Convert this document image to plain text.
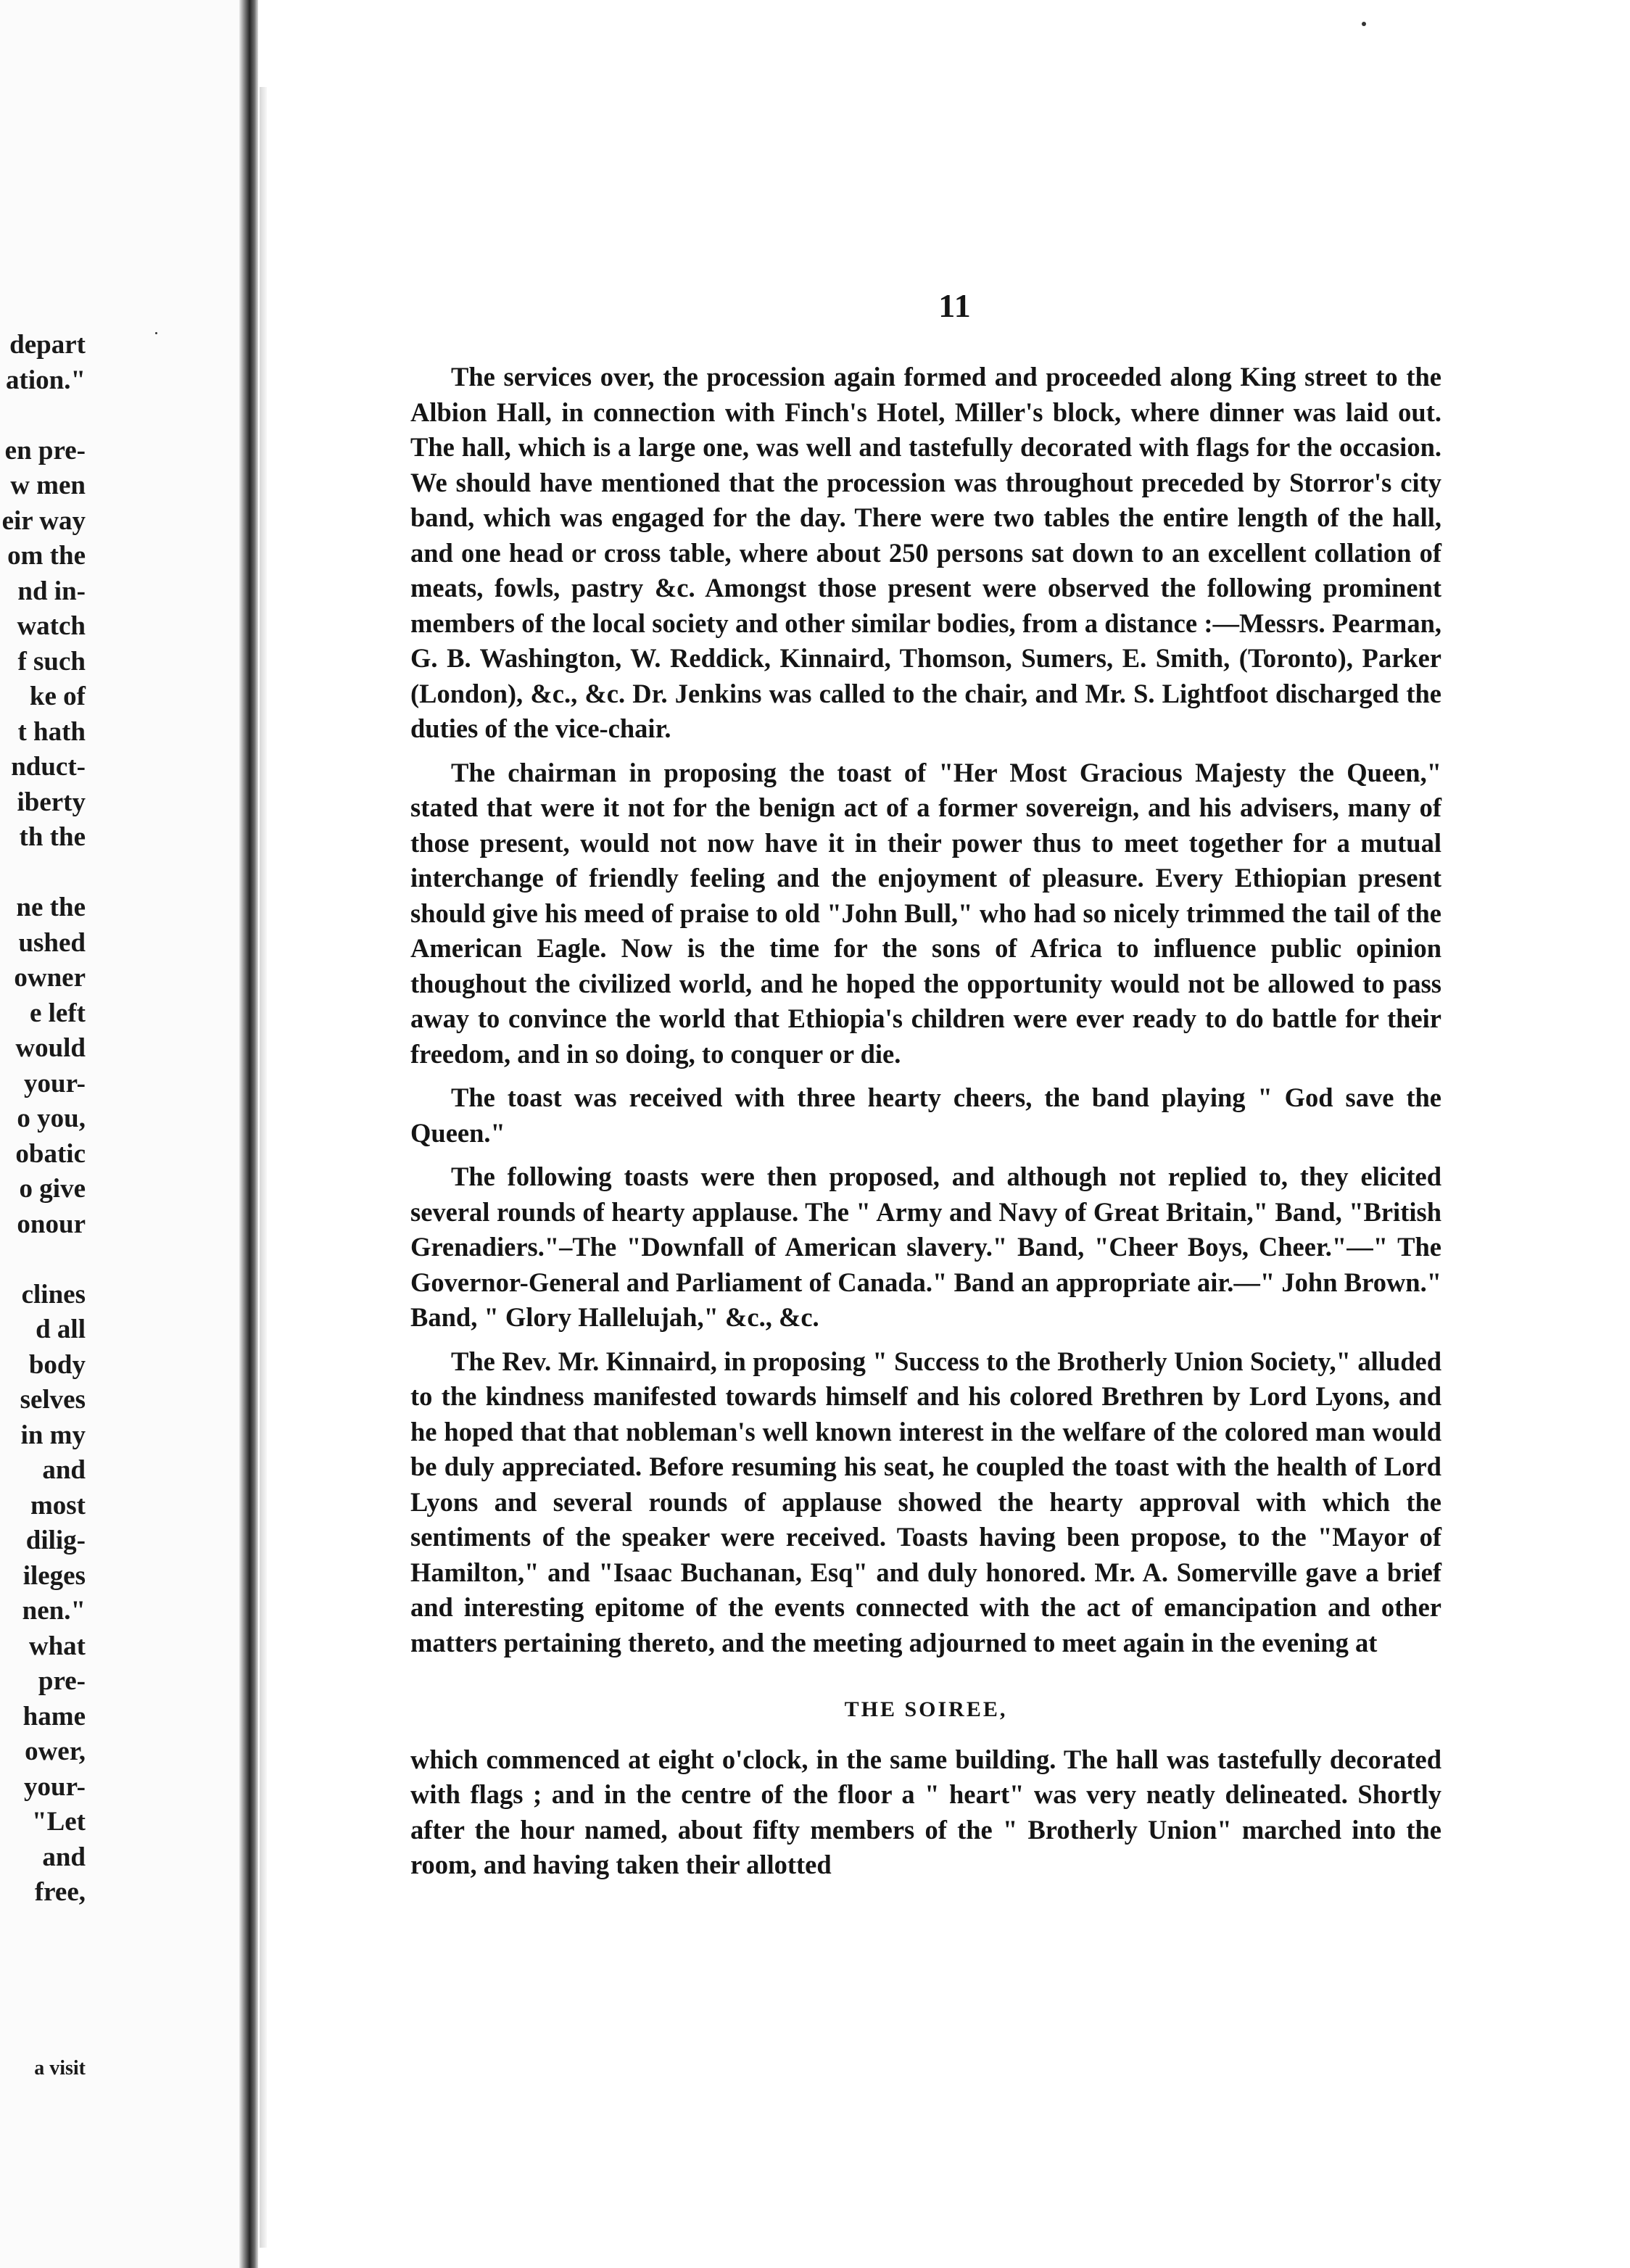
depart
ation."
en pre-
w men
eir way
om the
nd in-
watch
f such
ke of
t hath
nduct-
iberty
th the
ne the
ushed
owner
e left
would
your-
o you,
obatic
o give
onour
clines
d all
body
selves
in my
and
most
dilig-
ileges
nen."
what
pre-
hame
ower,
your-
"Let
and
free,
a visit
11

The services over, the procession again formed and proceeded along King street to the Albion Hall, in connection with Finch's Hotel, Miller's block, where dinner was laid out. The hall, which is a large one, was well and tastefully decorated with flags for the occasion. We should have mentioned that the procession was throughout preceded by Storror's city band, which was engaged for the day. There were two tables the entire length of the hall, and one head or cross table, where about 250 persons sat down to an excellent collation of meats, fowls, pastry &c. Amongst those present were observed the following prominent members of the local society and other similar bodies, from a distance :—Messrs. Pearman, G. B. Washington, W. Reddick, Kinnaird, Thomson, Sumers, E. Smith, (Toronto), Parker (London), &c., &c. Dr. Jenkins was called to the chair, and Mr. S. Lightfoot discharged the duties of the vice-chair.

The chairman in proposing the toast of "Her Most Gracious Majesty the Queen," stated that were it not for the benign act of a former sovereign, and his advisers, many of those present, would not now have it in their power thus to meet together for a mutual interchange of friendly feeling and the enjoyment of pleasure. Every Ethiopian present should give his meed of praise to old "John Bull," who had so nicely trimmed the tail of the American Eagle. Now is the time for the sons of Africa to influence public opinion thoughout the civilized world, and he hoped the opportunity would not be allowed to pass away to convince the world that Ethiopia's children were ever ready to do battle for their freedom, and in so doing, to conquer or die.

The toast was received with three hearty cheers, the band playing " God save the Queen."

The following toasts were then proposed, and although not replied to, they elicited several rounds of hearty applause. The " Army and Navy of Great Britain," Band, "British Grenadiers."–The "Downfall of American slavery." Band, "Cheer Boys, Cheer."—" The Governor-General and Parliament of Canada." Band an appropriate air.—" John Brown." Band, " Glory Hallelujah," &c., &c.

The Rev. Mr. Kinnaird, in proposing " Success to the Brotherly Union Society," alluded to the kindness manifested towards himself and his colored Brethren by Lord Lyons, and he hoped that that nobleman's well known interest in the welfare of the colored man would be duly appreciated. Before resuming his seat, he coupled the toast with the health of Lord Lyons and several rounds of applause showed the hearty approval with which the sentiments of the speaker were received. Toasts having been propose, to the "Mayor of Hamilton," and "Isaac Buchanan, Esq" and duly honored. Mr. A. Somerville gave a brief and interesting epitome of the events connected with the act of emancipation and other matters pertaining thereto, and the meeting adjourned to meet again in the evening at

THE SOIREE,

which commenced at eight o'clock, in the same building. The hall was tastefully decorated with flags ; and in the centre of the floor a " heart" was very neatly delineated. Shortly after the hour named, about fifty members of the " Brotherly Union" marched into the room, and having taken their allotted
